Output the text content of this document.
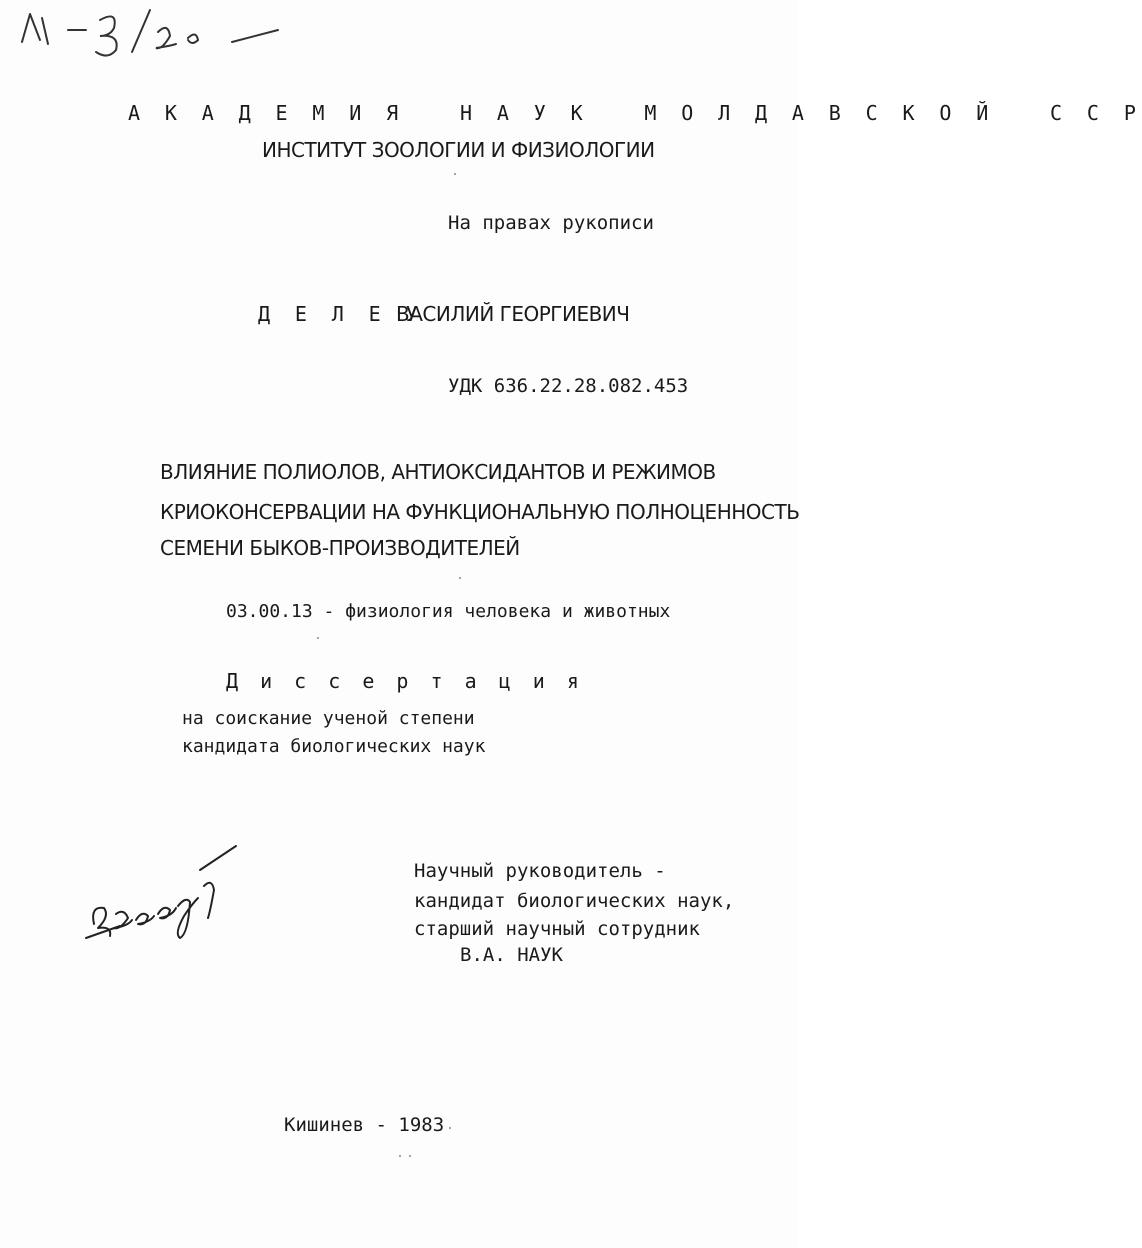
А К А Д Е М И Я   Н А У К   М О Л Д А В С К О Й   С С Р
ИНСТИТУТ ЗООЛОГИИ И ФИЗИОЛОГИИ
На правах рукописи
Д Е Л Е У
ВАСИЛИЙ ГЕОРГИЕВИЧ
УДК 636.22.28.082.453
ВЛИЯНИЕ ПОЛИОЛОВ, АНТИОКСИДАНТОВ И РЕЖИМОВ
КРИОКОНСЕРВАЦИИ НА ФУНКЦИОНАЛЬНУЮ ПОЛНОЦЕННОСТЬ
СЕМЕНИ БЫКОВ-ПРОИЗВОДИТЕЛЕЙ
03.00.13 - физиология человека и животных
Д и с с е р т а ц и я
на соискание ученой степени
кандидата биологических наук
Научный руководитель -
кандидат биологических наук,
старший научный сотрудник
В.А. НАУК
Кишинев - 1983
